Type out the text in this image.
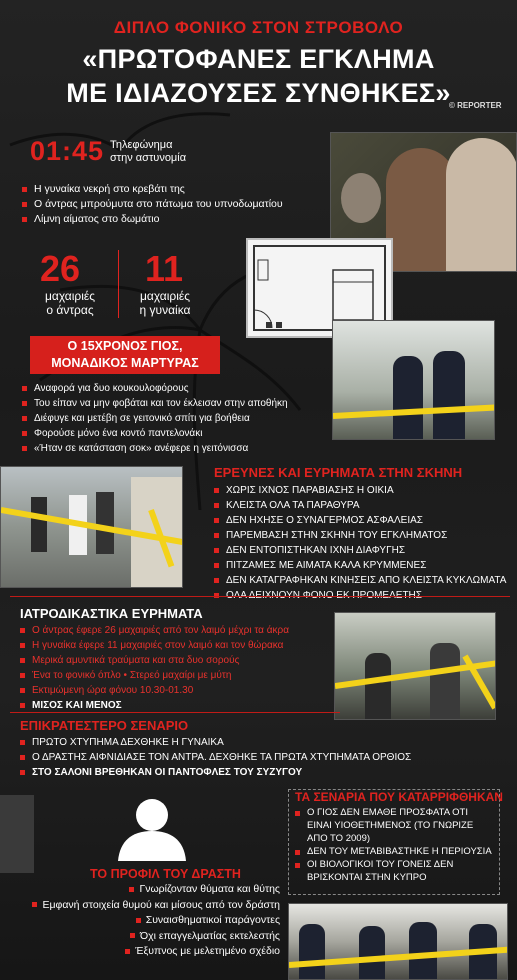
ΔΙΠΛΟ ΦΟΝΙΚΟ ΣΤΟΝ ΣΤΡΟΒΟΛΟ
«ΠΡΩΤΟΦΑΝΕΣ ΕΓΚΛΗΜΑ
ΜΕ ΙΔΙΑΖΟΥΣΕΣ ΣΥΝΘΗΚΕΣ»
© REPORTER
01:45 Τηλεφώνημα
στην αστυνομία
Η γυναίκα νεκρή στο κρεβάτι της
Ο άντρας μπρούμυτα στο πάτωμα του υπνοδωματίου
Λίμνη αίματος στο δωμάτιο
26
μαχαιριές
ο άντρας
11
μαχαιριές
η γυναίκα
Ο 15ΧΡΟΝΟΣ ΓΙΟΣ,
ΜΟΝΑΔΙΚΟΣ ΜΑΡΤΥΡΑΣ
Αναφορά για δυο κουκουλοφόρους
Του είπαν να μην φοβάται και τον έκλεισαν στην αποθήκη
Διέφυγε και μετέβη σε γειτονικό σπίτι για βοήθεια
Φορούσε μόνο ένα κοντό παντελονάκι
«Ήταν σε κατάσταση σοκ» ανέφερε η γειτόνισσα
ΕΡΕΥΝΕΣ ΚΑΙ ΕΥΡΗΜΑΤΑ ΣΤΗΝ ΣΚΗΝΗ
ΧΩΡΙΣ ΙΧΝΟΣ ΠΑΡΑΒΙΑΣΗΣ Η ΟΙΚΙΑ
ΚΛΕΙΣΤΑ ΟΛΑ ΤΑ ΠΑΡΑΘΥΡΑ
ΔΕΝ ΗΧΗΣΕ Ο ΣΥΝΑΓΕΡΜΟΣ ΑΣΦΑΛΕΙΑΣ
ΠΑΡΕΜΒΑΣΗ ΣΤΗΝ ΣΚΗΝΗ ΤΟΥ ΕΓΚΛΗΜΑΤΟΣ
ΔΕΝ ΕΝΤΟΠΙΣΤΗΚΑΝ ΙΧΝΗ ΔΙΑΦΥΓΗΣ
ΠΙΤΖΑΜΕΣ ΜΕ ΑΙΜΑΤΑ ΚΑΛΑ ΚΡΥΜΜΕΝΕΣ
ΔΕΝ ΚΑΤΑΓΡΑΦΗΚΑΝ ΚΙΝΗΣΕΙΣ ΑΠΟ ΚΛΕΙΣΤΑ ΚΥΚΛΩΜΑΤΑ
ΙΑΤΡΟΔΙΚΑΣΤΙΚΑ ΕΥΡΗΜΑΤΑ
Ο άντρας έφερε 26 μαχαιριές από τον λαιμό μέχρι τα άκρα
Η γυναίκα έφερε 11 μαχαιριές στον λαιμό και τον θώρακα
Μερικά αμυντικά τραύματα και στα δυο σορούς
Ένα το φονικό όπλο • Στερεό μαχαίρι με μύτη
Εκτιμώμενη ώρα φόνου 10.30-01.30
ΜΙΣΟΣ ΚΑΙ ΜΕΝΟΣ
ΕΠΙΚΡΑΤΕΣΤΕΡΟ ΣΕΝΑΡΙΟ
ΠΡΩΤΟ ΧΤΥΠΗΜΑ ΔΕΧΘΗΚΕ Η ΓΥΝΑΙΚΑ
Ο ΔΡΑΣΤΗΣ ΑΙΦΝΙΔΙΑΣΕ ΤΟΝ ΑΝΤΡΑ. ΔΕΧΘΗΚΕ ΤΑ ΠΡΩΤΑ ΧΤΥΠΗΜΑΤΑ ΟΡΘΙΟΣ
ΣΤΟ ΣΑΛΟΝΙ ΒΡΕΘΗΚΑΝ ΟΙ ΠΑΝΤΟΦΛΕΣ ΤΟΥ ΣΥΖΥΓΟΥ
ΤΑ ΣΕΝΑΡΙΑ ΠΟΥ ΚΑΤΑΡΡΙΦΘΗΚΑΝ
Ο ΓΙΟΣ ΔΕΝ ΕΜΑΘΕ ΠΡΟΣΦΑΤΑ ΟΤΙ ΕΙΝΑΙ ΥΙΟΘΕΤΗΜΕΝΟΣ (ΤΟ ΓΝΩΡΙΖΕ ΑΠΟ ΤΟ 2009)
ΔΕΝ ΤΟΥ ΜΕΤΑΒΙΒΑΣΤΗΚΕ Η ΠΕΡΙΟΥΣΙΑ
ΟΙ ΒΙΟΛΟΓΙΚΟΙ ΤΟΥ ΓΟΝΕΙΣ ΔΕΝ ΒΡΙΣΚΟΝΤΑΙ ΣΤΗΝ ΚΥΠΡΟ
ΤΟ ΠΡΟΦΙΛ ΤΟΥ ΔΡΑΣΤΗ
Γνωρίζονταν θύματα και θύτης
Εμφανή στοιχεία θυμού και μίσους από τον δράστη
Συναισθηματικοί παράγοντες
Όχι επαγγελματίας εκτελεστής
Έξυπνος με μελετημένο σχέδιο
